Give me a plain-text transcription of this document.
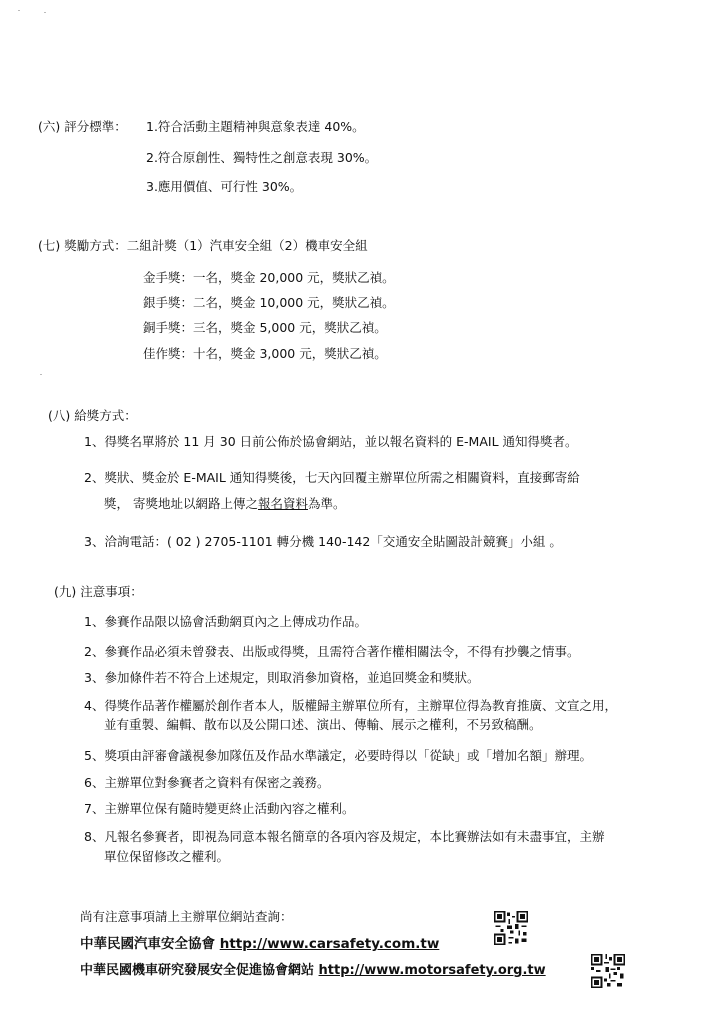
(六) 評分標準： 1.符合活動主題精神與意象表達 40%。
2.符合原創性、獨特性之創意表現 30%。
3.應用價值、可行性 30%。
(七) 獎勵方式：二組計獎（1）汽車安全組（2）機車安全組
金手獎：一名，獎金 20,000 元，獎狀乙禎。
銀手獎：二名，獎金 10,000 元，獎狀乙禎。
銅手獎：三名，獎金 5,000 元，獎狀乙禎。
佳作獎：十名，獎金 3,000 元，獎狀乙禎。
(八) 給獎方式：
1、得獎名單將於 11 月 30 日前公佈於協會網站，並以報名資料的 E-MAIL 通知得獎者。
2、獎狀、獎金於 E-MAIL 通知得獎後，七天內回覆主辦單位所需之相關資料，直接郵寄給
獎， 寄獎地址以網路上傳之報名資料為準。
3、洽詢電話：( 02 ) 2705-1101 轉分機 140-142「交通安全貼圖設計競賽」小組 。
(九) 注意事項：
1、參賽作品限以協會活動網頁內之上傳成功作品。
2、參賽作品必須未曾發表、出版或得獎，且需符合著作權相關法令，不得有抄襲之情事。
3、參加條件若不符合上述規定，則取消參加資格，並追回獎金和獎狀。
4、得獎作品著作權屬於創作者本人，版權歸主辦單位所有，主辦單位得為教育推廣、文宣之用，
並有重製、編輯、散布以及公開口述、演出、傳輸、展示之權利，不另致稿酬。
5、獎項由評審會議視參加隊伍及作品水準議定，必要時得以「從缺」或「增加名額」辦理。
6、主辦單位對參賽者之資料有保密之義務。
7、主辦單位保有隨時變更終止活動內容之權利。
8、凡報名參賽者，即視為同意本報名簡章的各項內容及規定，本比賽辦法如有未盡事宜，主辦
單位保留修改之權利。
尚有注意事項請上主辦單位網站查詢：
中華民國汽車安全協會 http://www.carsafety.com.tw
中華民國機車研究發展安全促進協會網站 http://www.motorsafety.org.tw
